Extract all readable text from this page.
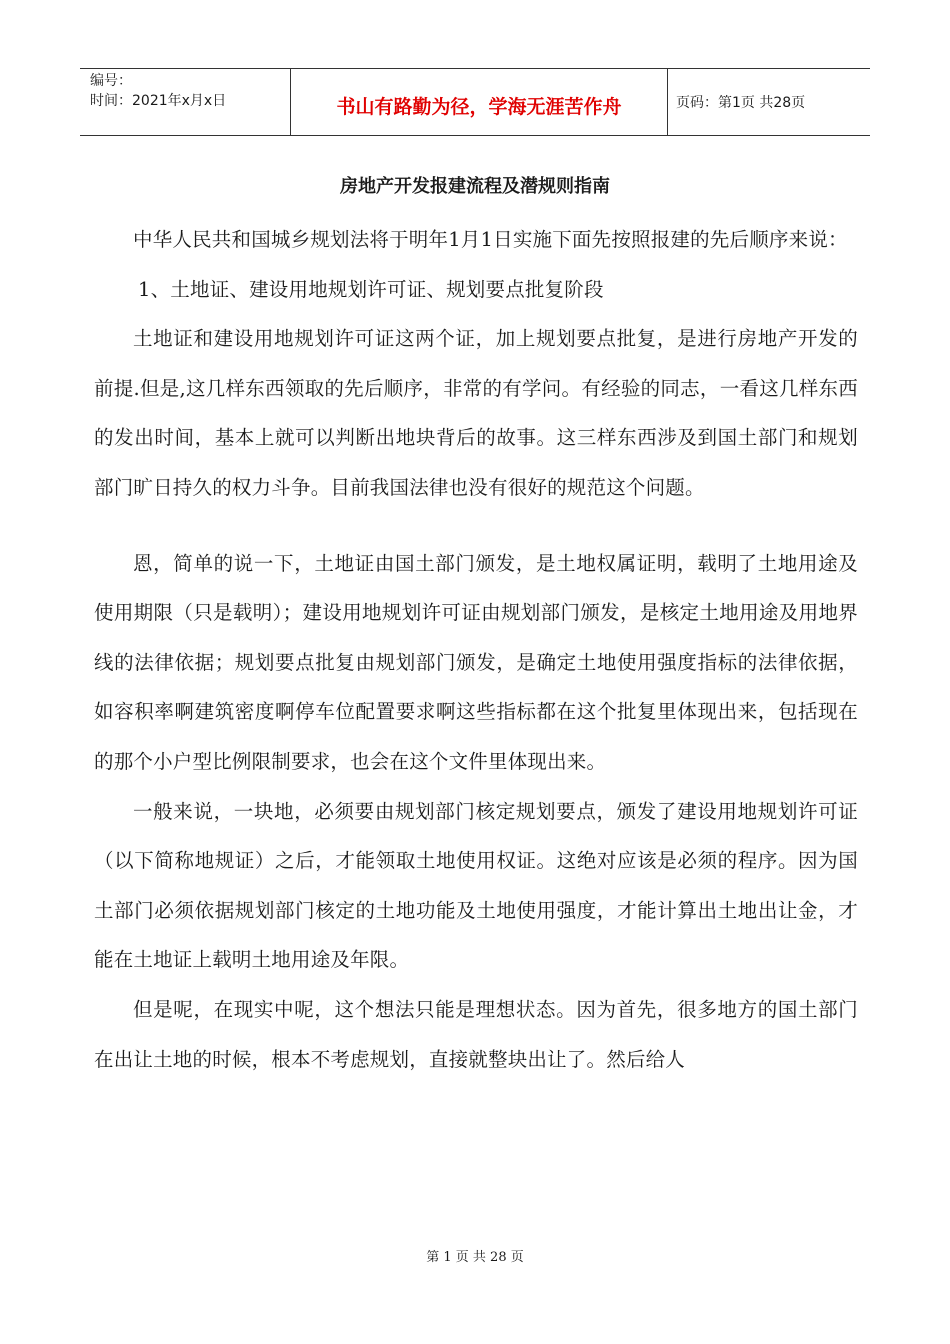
编号：
时间：2021年x月x日	书山有路勤为径，学海无涯苦作舟	页码：第1页 共28页
房地产开发报建流程及潜规则指南

中华人民共和国城乡规划法将于明年1月1日实施下面先按照报建的先后顺序来说：

1、土地证、建设用地规划许可证、规划要点批复阶段

土地证和建设用地规划许可证这两个证，加上规划要点批复，是进行房地产开发的前提.但是,这几样东西领取的先后顺序，非常的有学问。有经验的同志，一看这几样东西的发出时间，基本上就可以判断出地块背后的故事。这三样东西涉及到国土部门和规划部门旷日持久的权力斗争。目前我国法律也没有很好的规范这个问题。

恩，简单的说一下，土地证由国土部门颁发，是土地权属证明，载明了土地用途及使用期限（只是载明）；建设用地规划许可证由规划部门颁发，是核定土地用途及用地界线的法律依据；规划要点批复由规划部门颁发，是确定土地使用强度指标的法律依据，如容积率啊建筑密度啊停车位配置要求啊这些指标都在这个批复里体现出来，包括现在的那个小户型比例限制要求，也会在这个文件里体现出来。

一般来说，一块地，必须要由规划部门核定规划要点，颁发了建设用地规划许可证（以下简称地规证）之后，才能领取土地使用权证。这绝对应该是必须的程序。因为国土部门必须依据规划部门核定的土地功能及土地使用强度，才能计算出土地出让金，才能在土地证上载明土地用途及年限。

但是呢，在现实中呢，这个想法只能是理想状态。因为首先，很多地方的国土部门在出让土地的时候，根本不考虑规划，直接就整块出让了。然后给人

第 1 页 共 28 页
